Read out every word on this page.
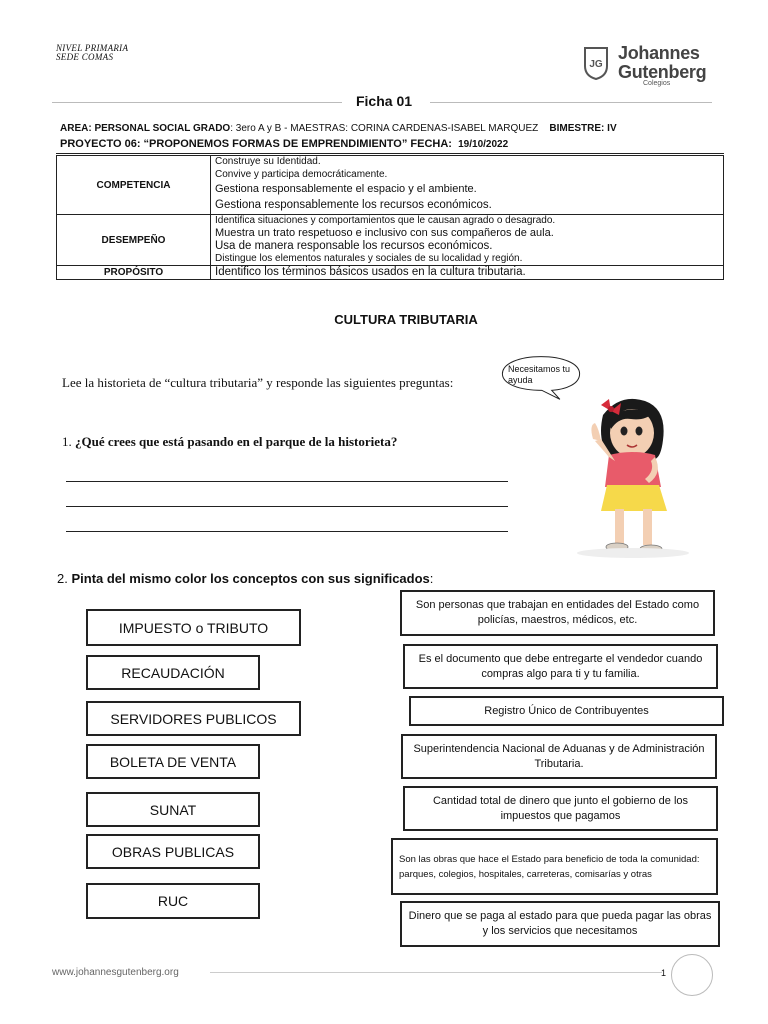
NIVEL PRIMARIA
SEDE COMAS
JG
Johannes
Gutenberg
Colegios
Ficha 01
AREA: PERSONAL SOCIAL GRADO: 3ero A y B - MAESTRAS: CORINA CARDENAS-ISABEL MARQUEZ BIMESTRE: IV
PROYECTO 06: “PROPONEMOS FORMAS DE EMPRENDIMIENTO” FECHA: 19/10/2022
COMPETENCIA	Construye su Identidad.
Convive y participa democráticamente.
Gestiona responsablemente el espacio y el ambiente.
Gestiona responsablemente los recursos económicos.

DESEMPEÑO	Identifica situaciones y comportamientos que le causan agrado o desagrado.
Muestra un trato respetuoso e inclusivo con sus compañeros de aula.
Usa de manera responsable los recursos económicos.
Distingue los elementos naturales y sociales de su localidad y región.

PROPÓSITO	Identifico los términos básicos usados en la cultura tributaria.
CULTURA TRIBUTARIA
Lee la historieta de “cultura tributaria” y responde las siguientes preguntas:
1. ¿Qué crees que está pasando en el parque de la historieta?
Necesitamos tu ayuda
2. Pinta del mismo color los conceptos con sus significados:
IMPUESTO o TRIBUTO
RECAUDACIÓN
SERVIDORES PUBLICOS
BOLETA DE VENTA
SUNAT
OBRAS PUBLICAS
RUC
Son personas que trabajan en entidades del Estado como policías, maestros, médicos, etc.
Es el documento que debe entregarte el vendedor cuando compras algo para ti y tu familia.
Registro Único de Contribuyentes
Superintendencia Nacional de Aduanas y de Administración Tributaria.
Cantidad total de dinero que junto el gobierno de los impuestos que pagamos
Son las obras que hace el Estado para beneficio de toda la comunidad: parques, colegios, hospitales, carreteras, comisarías y otras
Dinero que se paga al estado para que pueda pagar las obras y los servicios que necesitamos
www.johannesgutenberg.org	1
